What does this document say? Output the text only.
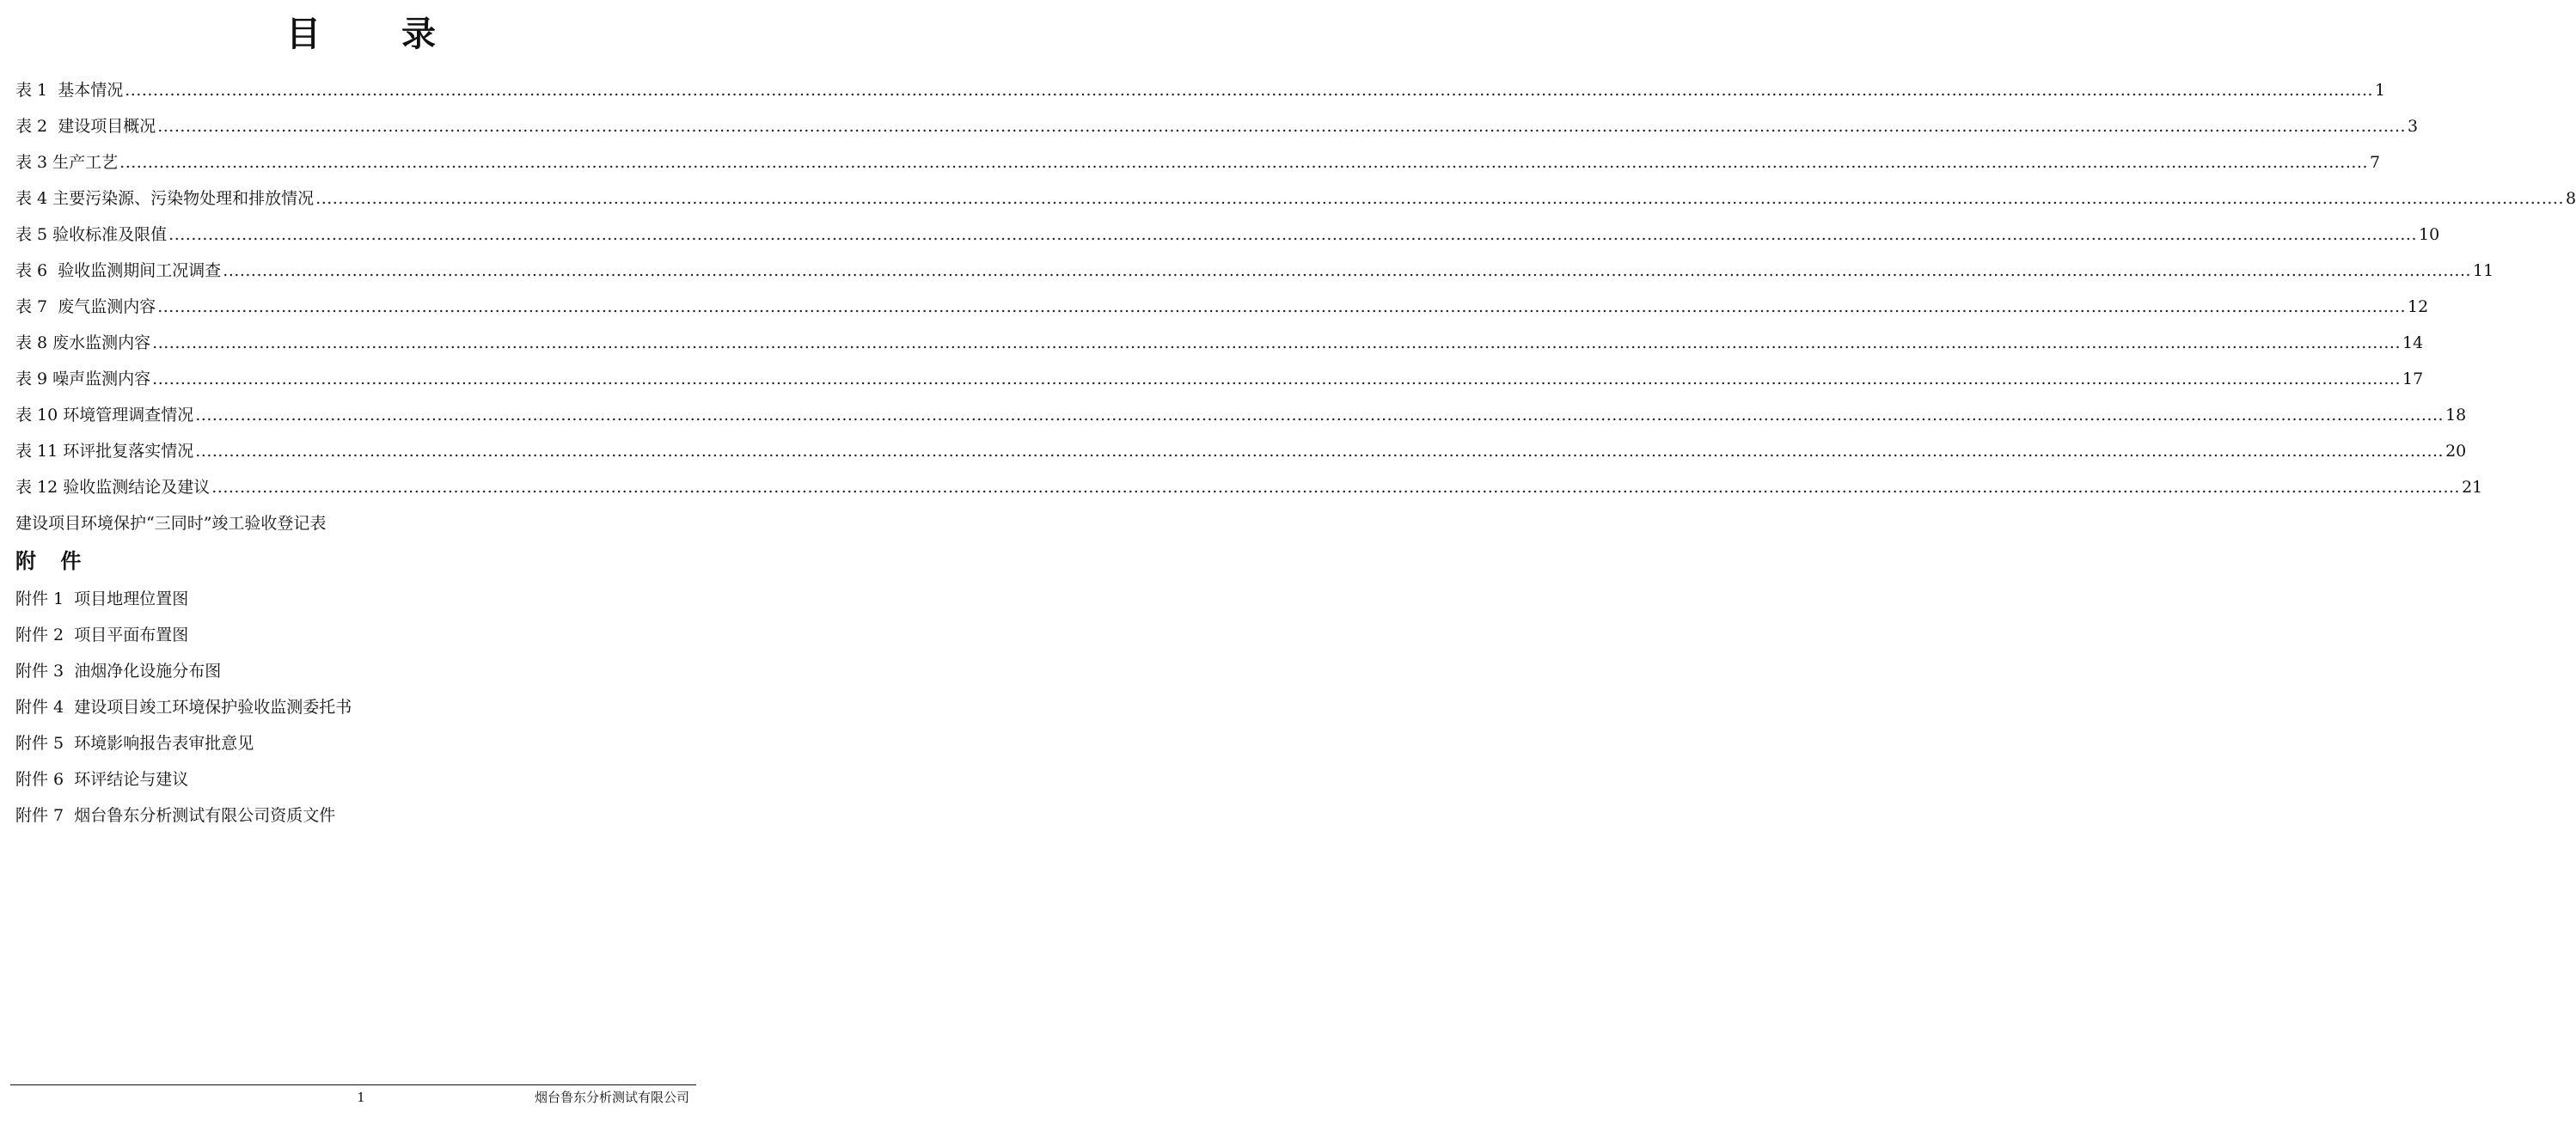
目 录
表 1  基本情况 ................................................................................................................................................................................................................................................................................................................................................................................................................ 1
表 2  建设项目概况 ................................................................................................................................................................................................................................................................................................................................................................................................................ 3
表 3 生产工艺 ................................................................................................................................................................................................................................................................................................................................................................................................................ 7
表 4 主要污染源、污染物处理和排放情况 ................................................................................................................................................................................................................................................................................................................................................................................................................ 8
表 5 验收标准及限值 ................................................................................................................................................................................................................................................................................................................................................................................................................ 10
表 6  验收监测期间工况调查 ................................................................................................................................................................................................................................................................................................................................................................................................................ 11
表 7  废气监测内容 ................................................................................................................................................................................................................................................................................................................................................................................................................ 12
表 8 废水监测内容 ................................................................................................................................................................................................................................................................................................................................................................................................................ 14
表 9 噪声监测内容 ................................................................................................................................................................................................................................................................................................................................................................................................................ 17
表 10 环境管理调查情况 ................................................................................................................................................................................................................................................................................................................................................................................................................ 18
表 11 环评批复落实情况 ................................................................................................................................................................................................................................................................................................................................................................................................................ 20
表 12 验收监测结论及建议 ................................................................................................................................................................................................................................................................................................................................................................................................................ 21
建设项目环境保护“三同时”竣工验收登记表
附 件
附件 1  项目地理位置图
附件 2  项目平面布置图
附件 3  油烟净化设施分布图
附件 4  建设项目竣工环境保护验收监测委托书
附件 5  环境影响报告表审批意见
附件 6  环评结论与建议
附件 7  烟台鲁东分析测试有限公司资质文件
1	烟台鲁东分析测试有限公司
